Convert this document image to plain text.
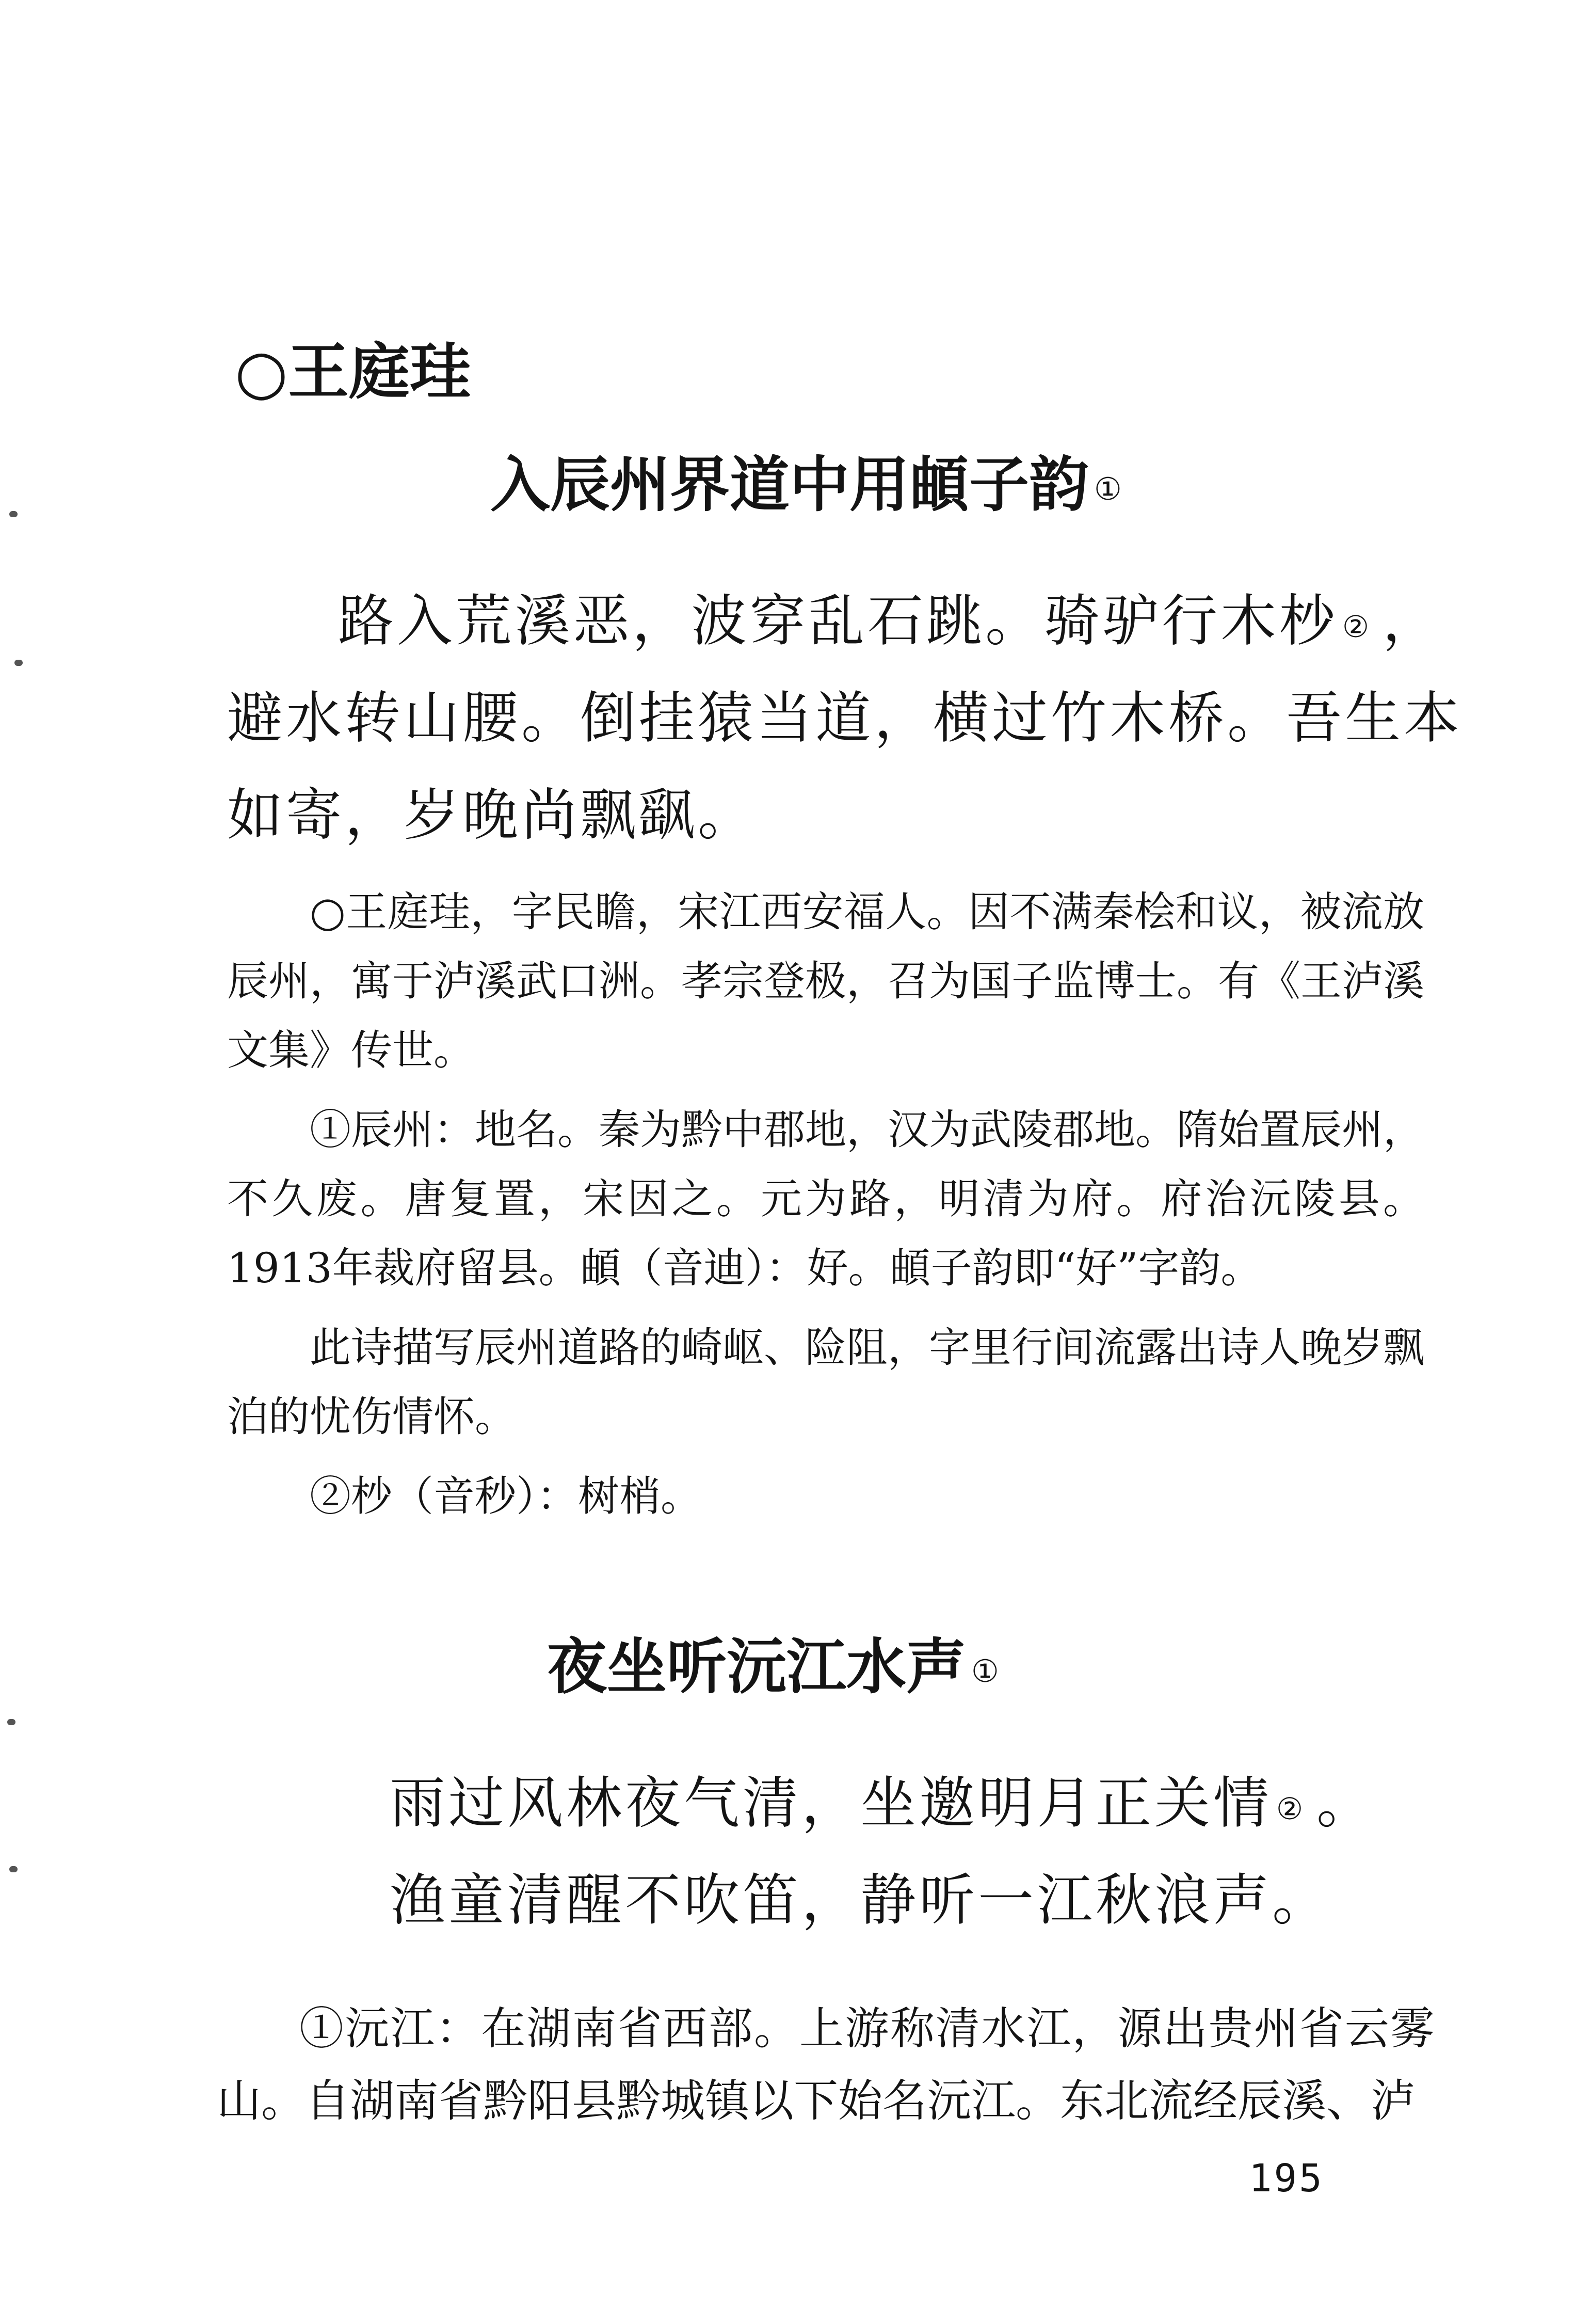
○王庭珪
入辰州界道中用頔子韵 ①

路入荒溪恶，波穿乱石跳。骑驴行木杪 ② ，

避水转山腰。倒挂猿当道，横过竹木桥。吾生本

如寄，岁晚尚飘飖。

○王庭珪，字民瞻，宋江西安福人。因不满秦桧和议，被流放辰州，寓于泸溪武口洲。孝宗登极，召为国子监博士。有《王泸溪文集》传世。

①辰州：地名。秦为黔中郡地，汉为武陵郡地。隋始置辰州，不久废。唐复置，宋因之。元为路，明清为府。府治沅陵县。1913年裁府留县。頔（音迪）：好。頔子韵即“好”字韵。

此诗描写辰州道路的崎岖、险阻，字里行间流露出诗人晚岁飘泊的忧伤情怀。

②杪（音秒）：树梢。

夜坐听沅江水声 ①

雨过风林夜气清，坐邀明月正关情 ② 。

渔童清醒不吹笛，静听一江秋浪声。

①沅江：在湖南省西部。上游称清水江，源出贵州省云雾山。自湖南省黔阳县黔城镇以下始名沅江。东北流经辰溪、泸

195
